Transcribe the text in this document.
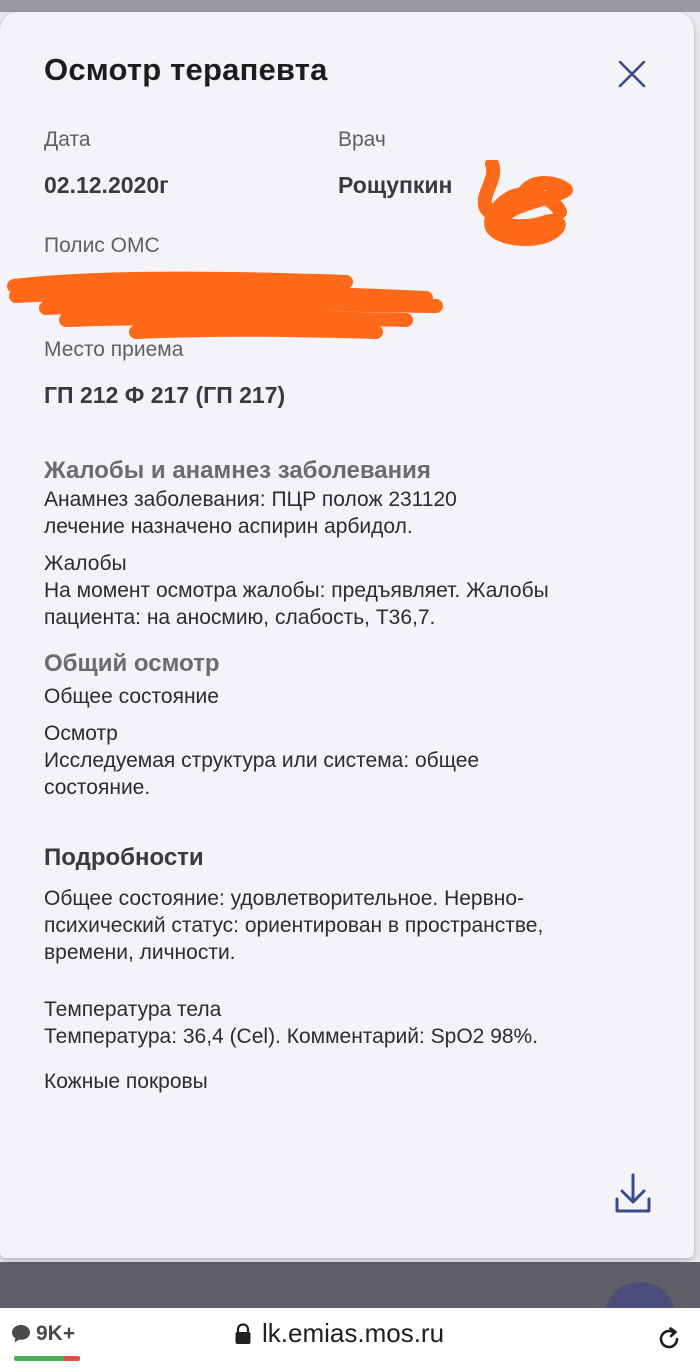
Осмотр терапевта
Дата
02.12.2020г
Врач
Рощупкин
Полис ОМС
Место приема
ГП 212 Ф 217 (ГП 217)
Жалобы и анамнез заболевания

Анамнез заболевания: ПЦР полож 231120

лечение назначено аспирин арбидол.

Жалобы

На момент осмотра жалобы: предъявляет. Жалобы

пациента: на аносмию, слабость, Т36,7.

Общий осмотр

Общее состояние

Осмотр

Исследуемая структура или система: общее

состояние.

Подробности

Общее состояние: удовлетворительное. Нервно-

психический статус: ориентирован в пространстве,

времени, личности.

Температура тела

Температура: 36,4 (Cel). Комментарий: SpO2 98%.

Кожные покровы

9K+	lk.emias.mos.ru
